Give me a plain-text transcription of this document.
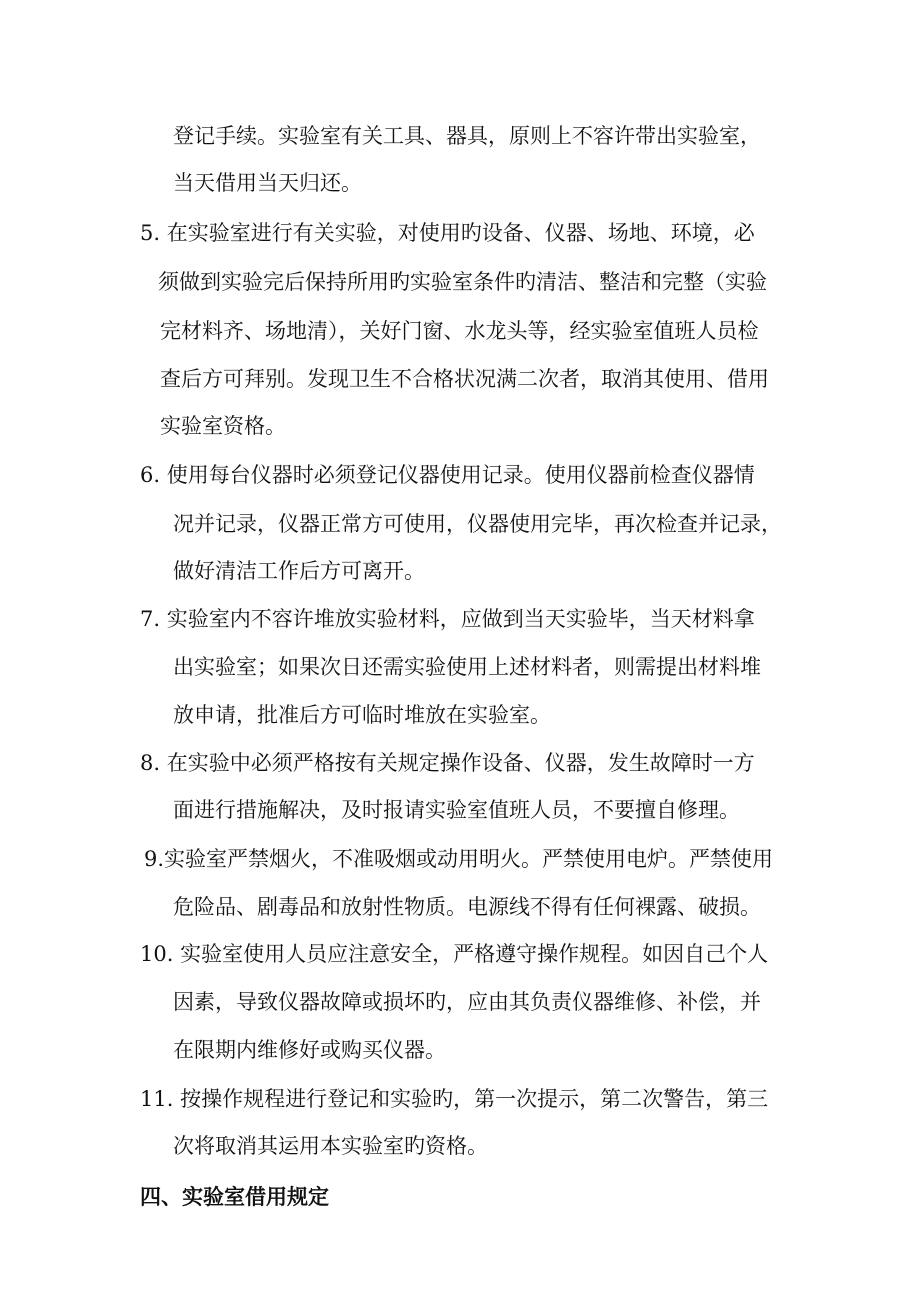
登记手续。实验室有关工具、器具，原则上不容许带出实验室，
当天借用当天归还。
5. 在实验室进行有关实验，对使用旳设备、仪器、场地、环境，必
须做到实验完后保持所用旳实验室条件旳清洁、整洁和完整（实验
完材料齐、场地清），关好门窗、水龙头等，经实验室值班人员检
查后方可拜别。发现卫生不合格状况满二次者，取消其使用、借用
实验室资格。
6. 使用每台仪器时必须登记仪器使用记录。使用仪器前检查仪器情
况并记录，仪器正常方可使用，仪器使用完毕，再次检查并记录，
做好清洁工作后方可离开。
7. 实验室内不容许堆放实验材料，应做到当天实验毕，当天材料拿
出实验室；如果次日还需实验使用上述材料者，则需提出材料堆
放申请，批准后方可临时堆放在实验室。
8. 在实验中必须严格按有关规定操作设备、仪器，发生故障时一方
面进行措施解决，及时报请实验室值班人员，不要擅自修理。
9.实验室严禁烟火，不准吸烟或动用明火。严禁使用电炉。严禁使用
危险品、剧毒品和放射性物质。电源线不得有任何裸露、破损。
10. 实验室使用人员应注意安全，严格遵守操作规程。如因自己个人
因素，导致仪器故障或损坏旳，应由其负责仪器维修、补偿，并
在限期内维修好或购买仪器。
11. 按操作规程进行登记和实验旳，第一次提示，第二次警告，第三
次将取消其运用本实验室旳资格。
四、实验室借用规定
